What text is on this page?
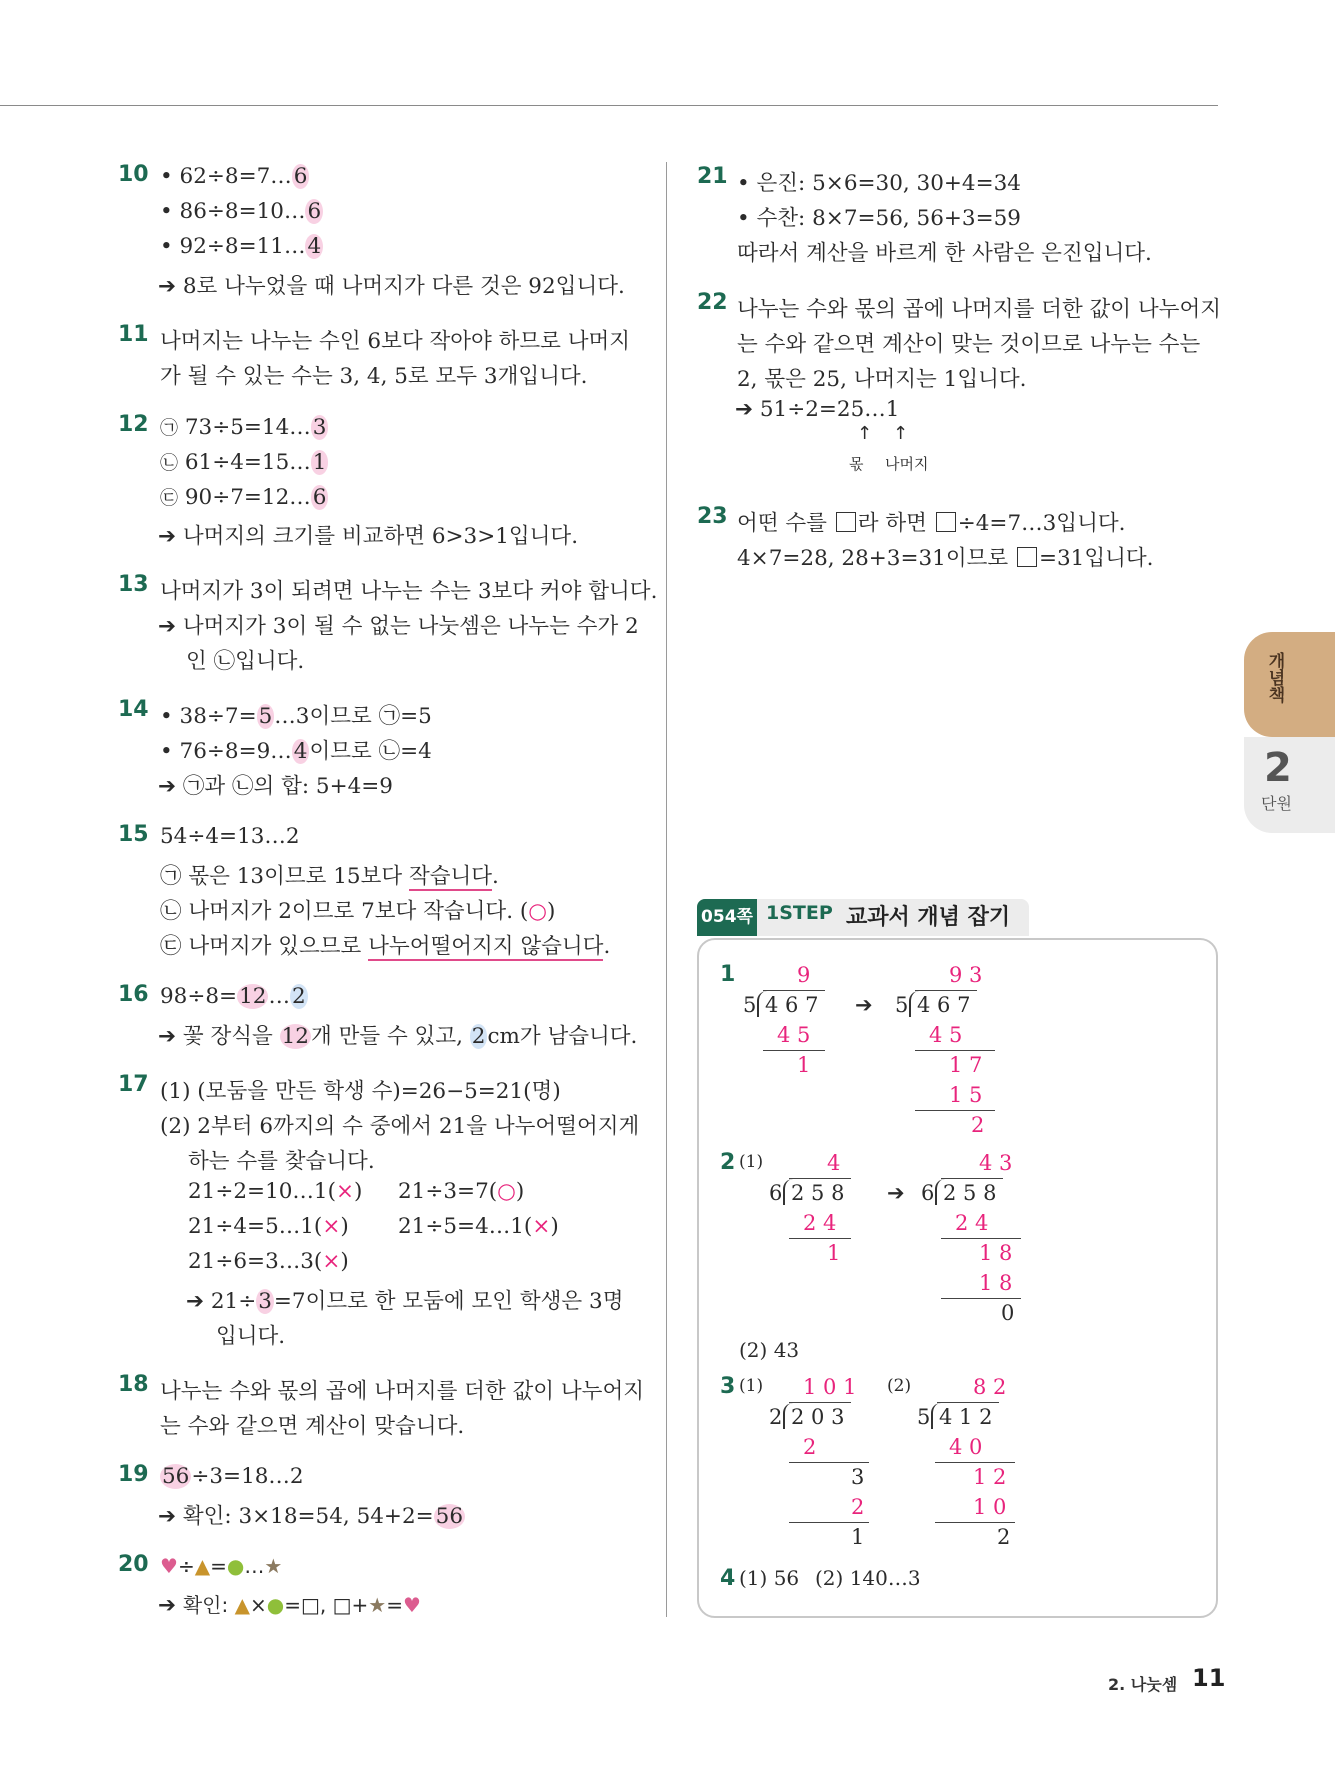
10 • 62÷8=7…6
• 86÷8=10…6
• 92÷8=11…4
➔ 8로 나누었을 때 나머지가 다른 것은 92입니다.
11 나머지는 나누는 수인 6보다 작아야 하므로 나머지
가 될 수 있는 수는 3, 4, 5로 모두 3개입니다.
12 ㉠ 73÷5=14…3
㉡ 61÷4=15…1
㉢ 90÷7=12…6
➔ 나머지의 크기를 비교하면 6>3>1입니다.
13 나머지가 3이 되려면 나누는 수는 3보다 커야 합니다.
➔ 나머지가 3이 될 수 없는 나눗셈은 나누는 수가 2
인 ㉡입니다.
14 • 38÷7=5…3이므로 ㉠=5
• 76÷8=9…4이므로 ㉡=4
➔ ㉠과 ㉡의 합: 5+4=9
15 54÷4=13…2
㉠ 몫은 13이므로 15보다 작습니다.
㉡ 나머지가 2이므로 7보다 작습니다. (○)
㉢ 나머지가 있으므로 나누어떨어지지 않습니다.
16 98÷8=12…2
➔ 꽃 장식을 12개 만들 수 있고, 2cm가 남습니다.
17 (1) (모둠을 만든 학생 수)=26−5=21(명)
(2) 2부터 6까지의 수 중에서 21을 나누어떨어지게
하는 수를 찾습니다.
21÷2=10…1(×) 21÷3=7(○)
21÷4=5…1(×) 21÷5=4…1(×)
21÷6=3…3(×)
➔ 21÷3=7이므로 한 모둠에 모인 학생은 3명
입니다.
18 나누는 수와 몫의 곱에 나머지를 더한 값이 나누어지
는 수와 같으면 계산이 맞습니다.
19 56÷3=18…2
➔ 확인: 3×18=54, 54+2=56
20 ♥÷▲=●…★
➔ 확인: ▲×●=□, □+★=♥
21 • 은진: 5×6=30, 30+4=34
• 수찬: 8×7=56, 56+3=59
따라서 계산을 바르게 한 사람은 은진입니다.
22 나누는 수와 몫의 곱에 나머지를 더한 값이 나누어지
는 수와 같으면 계산이 맞는 것이므로 나누는 수는
2, 몫은 25, 나머지는 1입니다.
➔ 51÷2=25…1
↑ ↑
몫 나머지
23 어떤 수를 라 하면 ÷4=7…3입니다.
4×7=28, 28+3=31이므로 =31입니다.
054쪽 1STEP 교과서 개념 잡기
1	9
5 4 6 7
4 5
1
➔
9 3
5 4 6 7
4 5
1 7
1 5
2
2 (1)	4
6 2 5 8
2 4
1
➔
4 3
6 2 5 8
2 4
1 8
1 8
0
(2) 43
3 (1) 1 0 1
2 2 0 3
2
3
2
1
(2)	8 2
5 4 1 2
4 0
1 2
1 0
2
4 (1) 56 (2) 140…3
개념책
2
단원
2. 나눗셈 11
